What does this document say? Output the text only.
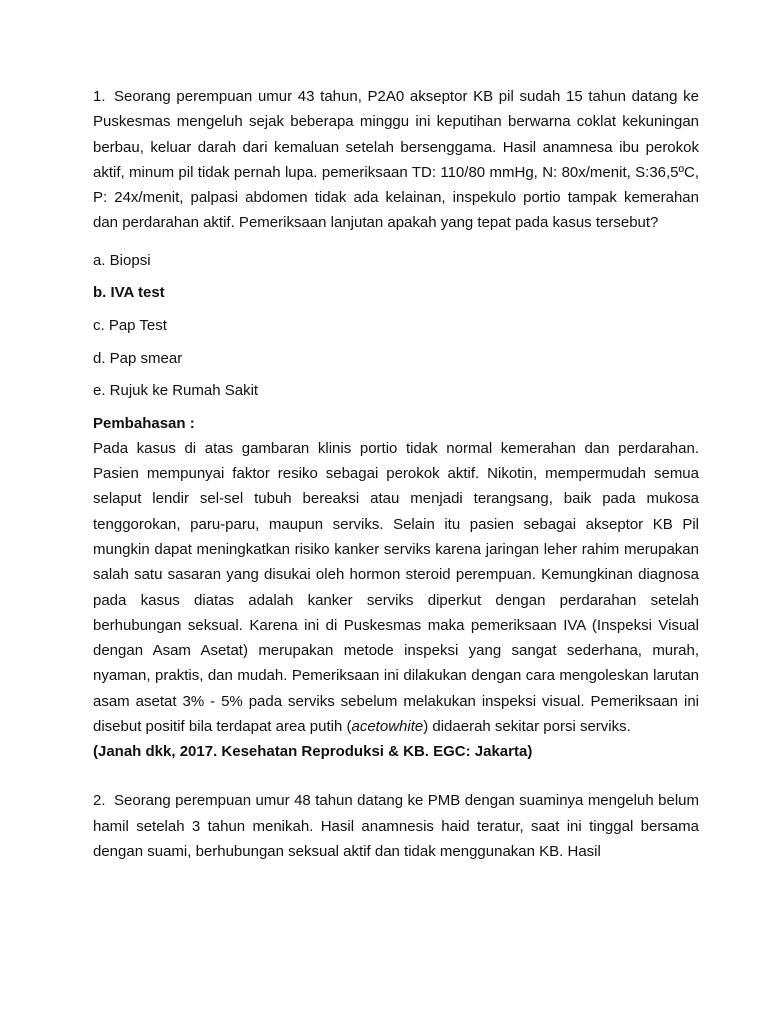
1. Seorang perempuan umur 43 tahun, P2A0 akseptor KB pil sudah 15 tahun datang ke Puskesmas mengeluh sejak beberapa minggu ini keputihan berwarna coklat kekuningan berbau, keluar darah dari kemaluan setelah bersenggama. Hasil anamnesa ibu perokok aktif, minum pil tidak pernah lupa. pemeriksaan TD: 110/80 mmHg, N: 80x/menit, S:36,5ºC, P: 24x/menit, palpasi abdomen tidak ada kelainan, inspekulo portio tampak kemerahan dan perdarahan aktif. Pemeriksaan lanjutan apakah yang tepat pada kasus tersebut?

a. Biopsi

b. IVA test

c. Pap Test

d. Pap smear

e. Rujuk ke Rumah Sakit

Pembahasan :

Pada kasus di atas gambaran klinis portio tidak normal kemerahan dan perdarahan. Pasien mempunyai faktor resiko sebagai perokok aktif. Nikotin, mempermudah semua selaput lendir sel-sel tubuh bereaksi atau menjadi terangsang, baik pada mukosa tenggorokan, paru-paru, maupun serviks. Selain itu pasien sebagai akseptor KB Pil mungkin dapat meningkatkan risiko kanker serviks karena jaringan leher rahim merupakan salah satu sasaran yang disukai oleh hormon steroid perempuan. Kemungkinan diagnosa pada kasus diatas adalah kanker serviks diperkut dengan perdarahan setelah berhubungan seksual. Karena ini di Puskesmas maka pemeriksaan IVA (Inspeksi Visual dengan Asam Asetat) merupakan metode inspeksi yang sangat sederhana, murah, nyaman, praktis, dan mudah. Pemeriksaan ini dilakukan dengan cara mengoleskan larutan asam asetat 3% - 5% pada serviks sebelum melakukan inspeksi visual. Pemeriksaan ini disebut positif bila terdapat area putih (acetowhite) didaerah sekitar porsi serviks.

(Janah dkk, 2017. Kesehatan Reproduksi & KB. EGC: Jakarta)

2. Seorang perempuan umur 48 tahun datang ke PMB dengan suaminya mengeluh belum hamil setelah 3 tahun menikah. Hasil anamnesis haid teratur, saat ini tinggal bersama dengan suami, berhubungan seksual aktif dan tidak menggunakan KB. Hasil
